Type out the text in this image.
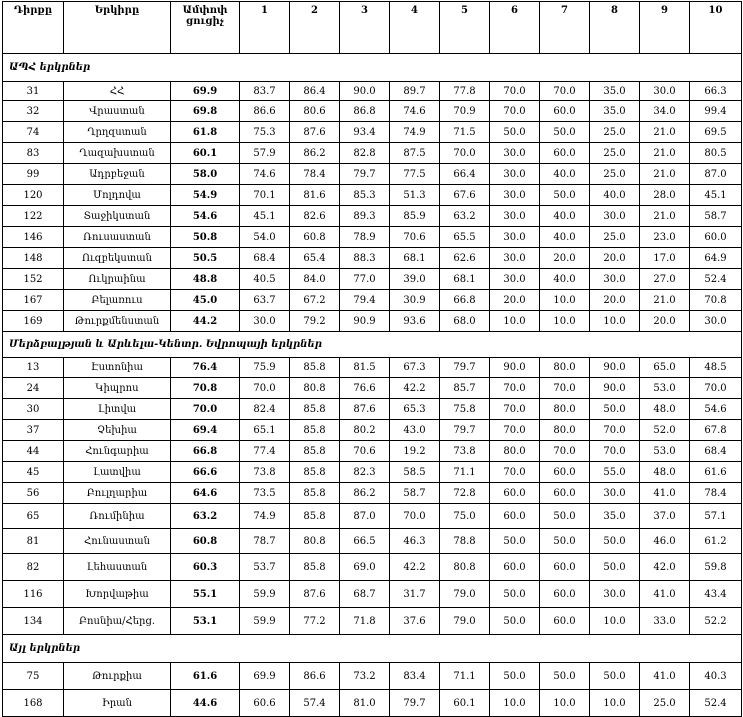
Դիրքը	Երկիրը	Ամփոփ ցուցիչ	1	2	3	4	5	6	7	8	9	10
ԱՊՀ երկրներ												
31	ՀՀ	69.9	83.7	86.4	90.0	89.7	77.8	70.0	70.0	35.0	30.0	66.3
32	Վրաստան	69.8	86.6	80.6	86.8	74.6	70.9	70.0	60.0	35.0	34.0	99.4
74	Ղրղզստան	61.8	75.3	87.6	93.4	74.9	71.5	50.0	50.0	25.0	21.0	69.5
83	Ղազախստան	60.1	57.9	86.2	82.8	87.5	70.0	30.0	60.0	25.0	21.0	80.5
99	Ադրբեջան	58.0	74.6	78.4	79.7	77.5	66.4	30.0	40.0	25.0	21.0	87.0
120	Մոլդովա	54.9	70.1	81.6	85.3	51.3	67.6	30.0	50.0	40.0	28.0	45.1
122	Տաջիկստան	54.6	45.1	82.6	89.3	85.9	63.2	30.0	40.0	30.0	21.0	58.7
146	Ռուսաստան	50.8	54.0	60.8	78.9	70.6	65.5	30.0	40.0	25.0	23.0	60.0
148	Ուզբեկստան	50.5	68.4	65.4	88.3	68.1	62.6	30.0	20.0	20.0	17.0	64.9
152	Ուկրաինա	48.8	40.5	84.0	77.0	39.0	68.1	30.0	40.0	30.0	27.0	52.4
167	Բելառուս	45.0	63.7	67.2	79.4	30.9	66.8	20.0	10.0	20.0	21.0	70.8
169	Թուրքմենստան	44.2	30.0	79.2	90.9	93.6	68.0	10.0	10.0	10.0	20.0	30.0
Մերձբալթյան և Արևելա-Կենտր. Եվրոպայի երկրներ												
13	Էստոնիա	76.4	75.9	85.8	81.5	67.3	79.7	90.0	80.0	90.0	65.0	48.5
24	Կիպրոս	70.8	70.0	80.8	76.6	42.2	85.7	70.0	70.0	90.0	53.0	70.0
30	Լիտվա	70.0	82.4	85.8	87.6	65.3	75.8	70.0	80.0	50.0	48.0	54.6
37	Չեխիա	69.4	65.1	85.8	80.2	43.0	79.7	70.0	80.0	70.0	52.0	67.8
44	Հունգարիա	66.8	77.4	85.8	70.6	19.2	73.8	80.0	70.0	70.0	53.0	68.4
45	Լատվիա	66.6	73.8	85.8	82.3	58.5	71.1	70.0	60.0	55.0	48.0	61.6
56	Բուլղարիա	64.6	73.5	85.8	86.2	58.7	72.8	60.0	60.0	30.0	41.0	78.4
65	Ռումինիա	63.2	74.9	85.8	87.0	70.0	75.0	60.0	50.0	35.0	37.0	57.1
81	Հունաստան	60.8	78.7	80.8	66.5	46.3	78.8	50.0	50.0	50.0	46.0	61.2
82	Լեհաստան	60.3	53.7	85.8	69.0	42.2	80.8	60.0	60.0	50.0	42.0	59.8
116	Խորվաթիա	55.1	59.9	87.6	68.7	31.7	79.0	50.0	60.0	30.0	41.0	43.4
134	Բոսնիա/Հերց.	53.1	59.9	77.2	71.8	37.6	79.0	50.0	60.0	10.0	33.0	52.2
Այլ երկրներ												
75	Թուրքիա	61.6	69.9	86.6	73.2	83.4	71.1	50.0	50.0	50.0	41.0	40.3
168	Իրան	44.6	60.6	57.4	81.0	79.7	60.1	10.0	10.0	10.0	25.0	52.4
